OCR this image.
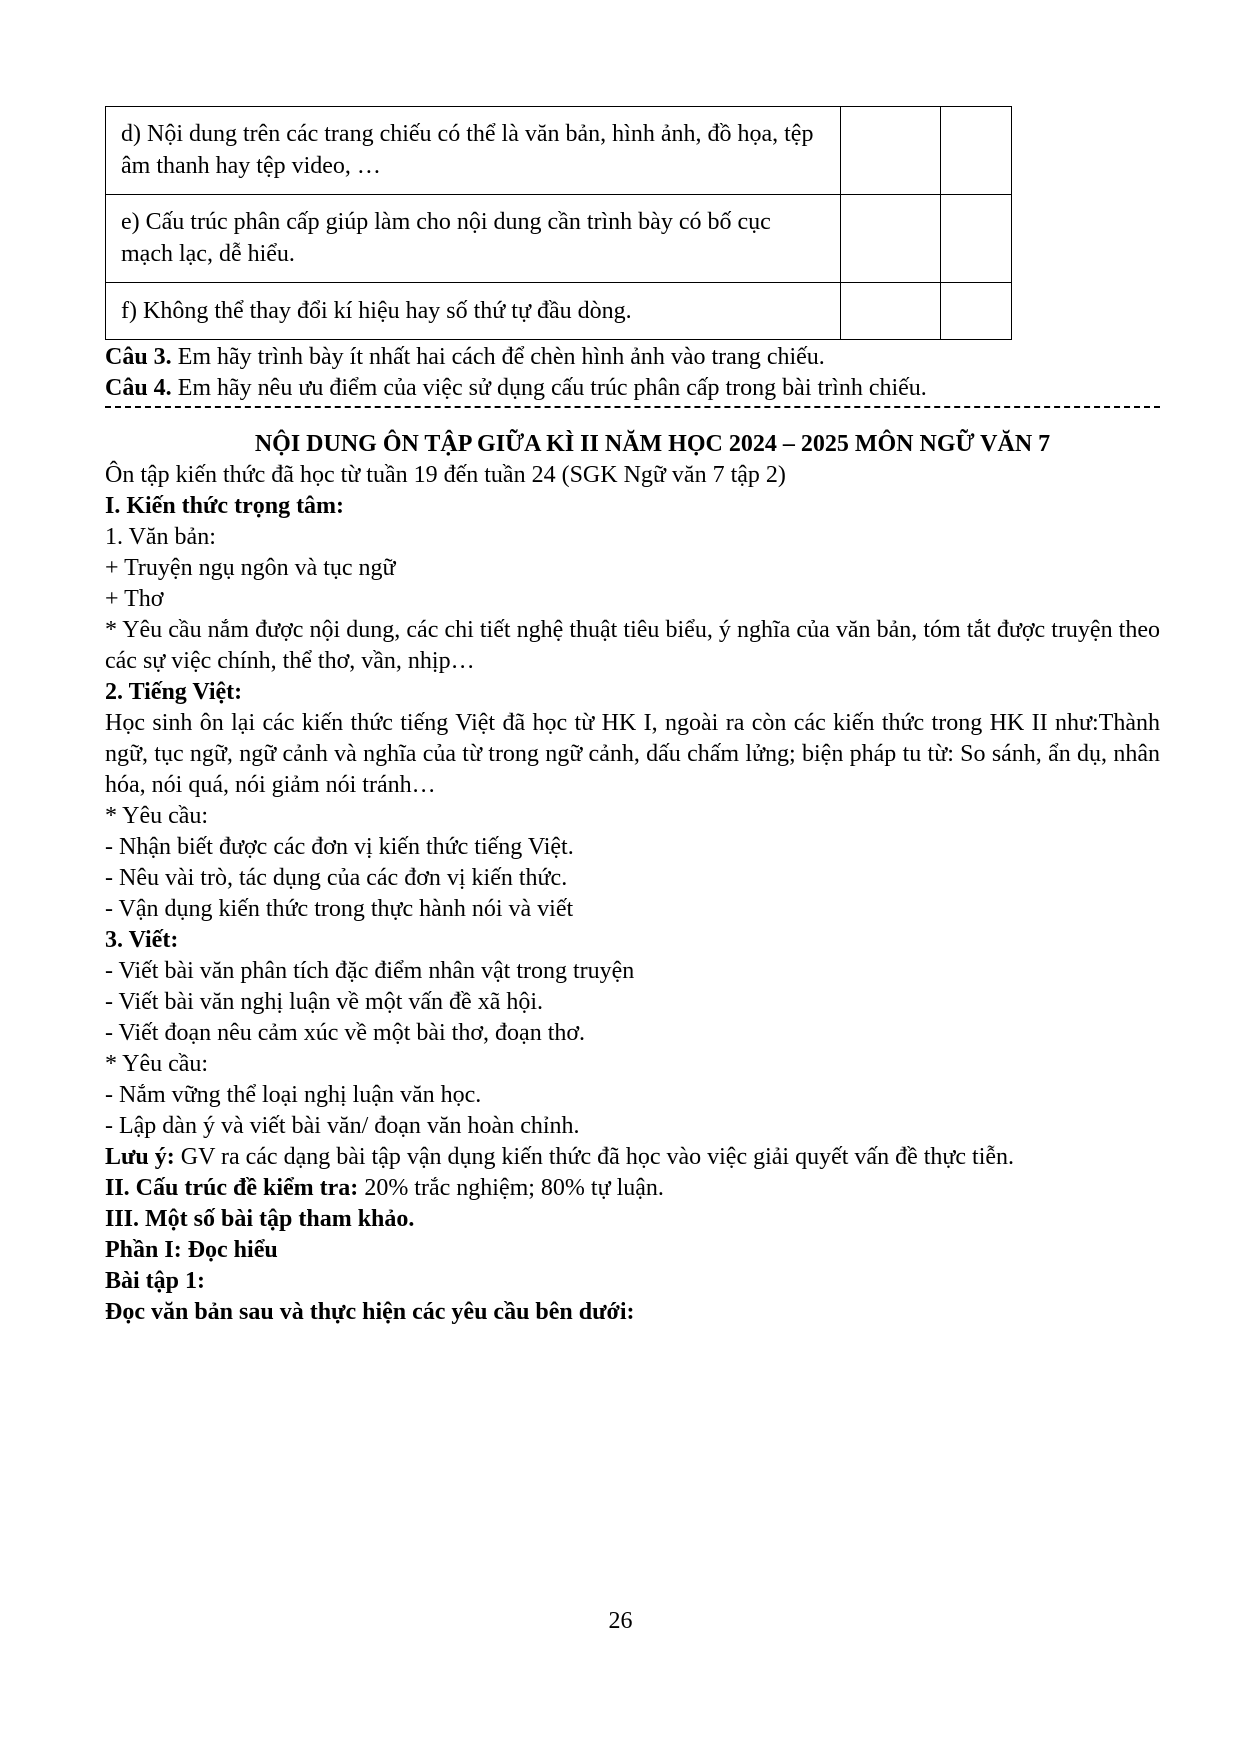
d) Nội dung trên các trang chiếu có thể là văn bản, hình ảnh, đồ họa, tệp âm thanh hay tệp video, …		
e) Cấu trúc phân cấp giúp làm cho nội dung cần trình bày có bố cục mạch lạc, dễ hiểu.		
f) Không thể thay đổi kí hiệu hay số thứ tự đầu dòng.		
Câu 3. Em hãy trình bày ít nhất hai cách để chèn hình ảnh vào trang chiếu.
Câu 4. Em hãy nêu ưu điểm của việc sử dụng cấu trúc phân cấp trong bài trình chiếu.
NỘI DUNG ÔN TẬP GIỮA KÌ II NĂM HỌC 2024 – 2025 MÔN NGỮ VĂN 7
Ôn tập kiến thức đã học từ tuần 19 đến tuần 24 (SGK Ngữ văn 7 tập 2)
I. Kiến thức trọng tâm:
1. Văn bản:
+ Truyện ngụ ngôn và tục ngữ
+ Thơ
* Yêu cầu nắm được nội dung, các chi tiết nghệ thuật tiêu biểu, ý nghĩa của văn bản, tóm tắt được truyện theo các sự việc chính, thể thơ, vần, nhịp…
2. Tiếng Việt:
Học sinh ôn lại các kiến thức tiếng Việt đã học từ HK I, ngoài ra còn các kiến thức trong HK II như:Thành ngữ, tục ngữ, ngữ cảnh và nghĩa của từ trong ngữ cảnh, dấu chấm lửng; biện pháp tu từ: So sánh, ẩn dụ, nhân hóa, nói quá, nói giảm nói tránh…
* Yêu cầu:
- Nhận biết được các đơn vị kiến thức tiếng Việt.
- Nêu vài trò, tác dụng của các đơn vị kiến thức.
- Vận dụng kiến thức trong thực hành nói và viết
3. Viết:
- Viết bài văn phân tích đặc điểm nhân vật trong truyện
- Viết bài văn nghị luận về một vấn đề xã hội.
- Viết đoạn nêu cảm xúc về một bài thơ, đoạn thơ.
* Yêu cầu:
- Nắm vững thể loại nghị luận văn học.
- Lập dàn ý và viết bài văn/ đoạn văn hoàn chỉnh.
Lưu ý: GV ra các dạng bài tập vận dụng kiến thức đã học vào việc giải quyết vấn đề thực tiễn.
II. Cấu trúc đề kiểm tra: 20% trắc nghiệm; 80% tự luận.
III. Một số bài tập tham khảo.
Phần I: Đọc hiểu
Bài tập 1:
Đọc văn bản sau và thực hiện các yêu cầu bên dưới:
26
